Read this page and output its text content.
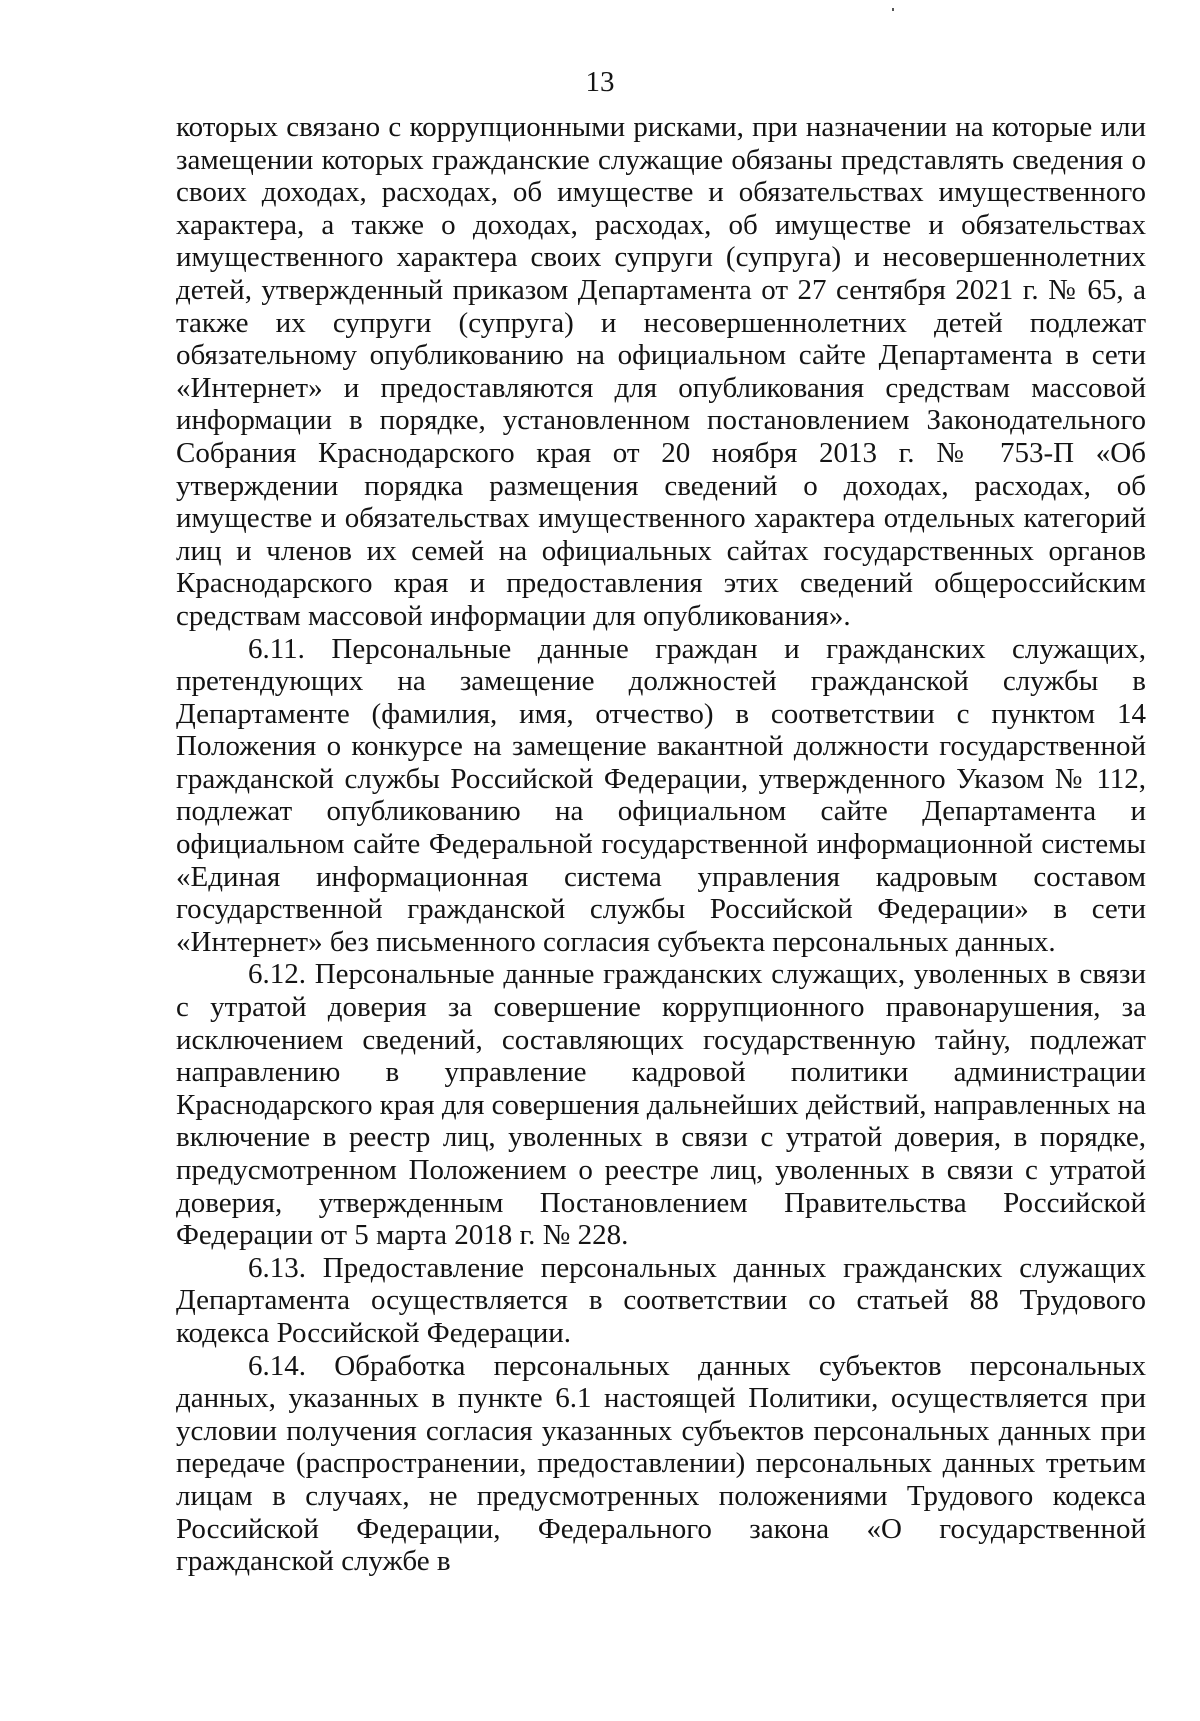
13

которых связано с коррупционными рисками, при назначении на которые или замещении которых гражданские служащие обязаны представлять сведения о своих доходах, расходах, об имуществе и обязательствах имущественного характера, а также о доходах, расходах, об имуществе и обязательствах имущественного характера своих супруги (супруга) и несовершеннолетних детей, утвержденный приказом Департамента от 27 сентября 2021 г. № 65, а также их супруги (супруга) и несовершеннолетних детей подлежат обязательному опубликованию на официальном сайте Департамента в сети «Интернет» и предоставляются для опубликования средствам массовой информации в порядке, установленном постановлением Законодательного Собрания Краснодарского края от 20 ноября 2013 г. № 753-П «Об утверждении порядка размещения сведений о доходах, расходах, об имуществе и обязательствах имущественного характера отдельных категорий лиц и членов их семей на официальных сайтах государственных органов Краснодарского края и предоставления этих сведений общероссийским средствам массовой информации для опубликования».

6.11. Персональные данные граждан и гражданских служащих, претендующих на замещение должностей гражданской службы в Департаменте (фамилия, имя, отчество) в соответствии с пунктом 14 Положения о конкурсе на замещение вакантной должности государственной гражданской службы Российской Федерации, утвержденного Указом № 112, подлежат опубликованию на официальном сайте Департамента и официальном сайте Федеральной государственной информационной системы «Единая информационная система управления кадровым составом государственной гражданской службы Российской Федерации» в сети «Интернет» без письменного согласия субъекта персональных данных.

6.12. Персональные данные гражданских служащих, уволенных в связи с утратой доверия за совершение коррупционного правонарушения, за исключением сведений, составляющих государственную тайну, подлежат направлению в управление кадровой политики администрации Краснодарского края для совершения дальнейших действий, направленных на включение в реестр лиц, уволенных в связи с утратой доверия, в порядке, предусмотренном Положением о реестре лиц, уволенных в связи с утратой доверия, утвержденным Постановлением Правительства Российской Федерации от 5 марта 2018 г. № 228.

6.13. Предоставление персональных данных гражданских служащих Департамента осуществляется в соответствии со статьей 88 Трудового кодекса Российской Федерации.

6.14. Обработка персональных данных субъектов персональных данных, указанных в пункте 6.1 настоящей Политики, осуществляется при условии получения согласия указанных субъектов персональных данных при передаче (распространении, предоставлении) персональных данных третьим лицам в случаях, не предусмотренных положениями Трудового кодекса Российской Федерации, Федерального закона «О государственной гражданской службе в
